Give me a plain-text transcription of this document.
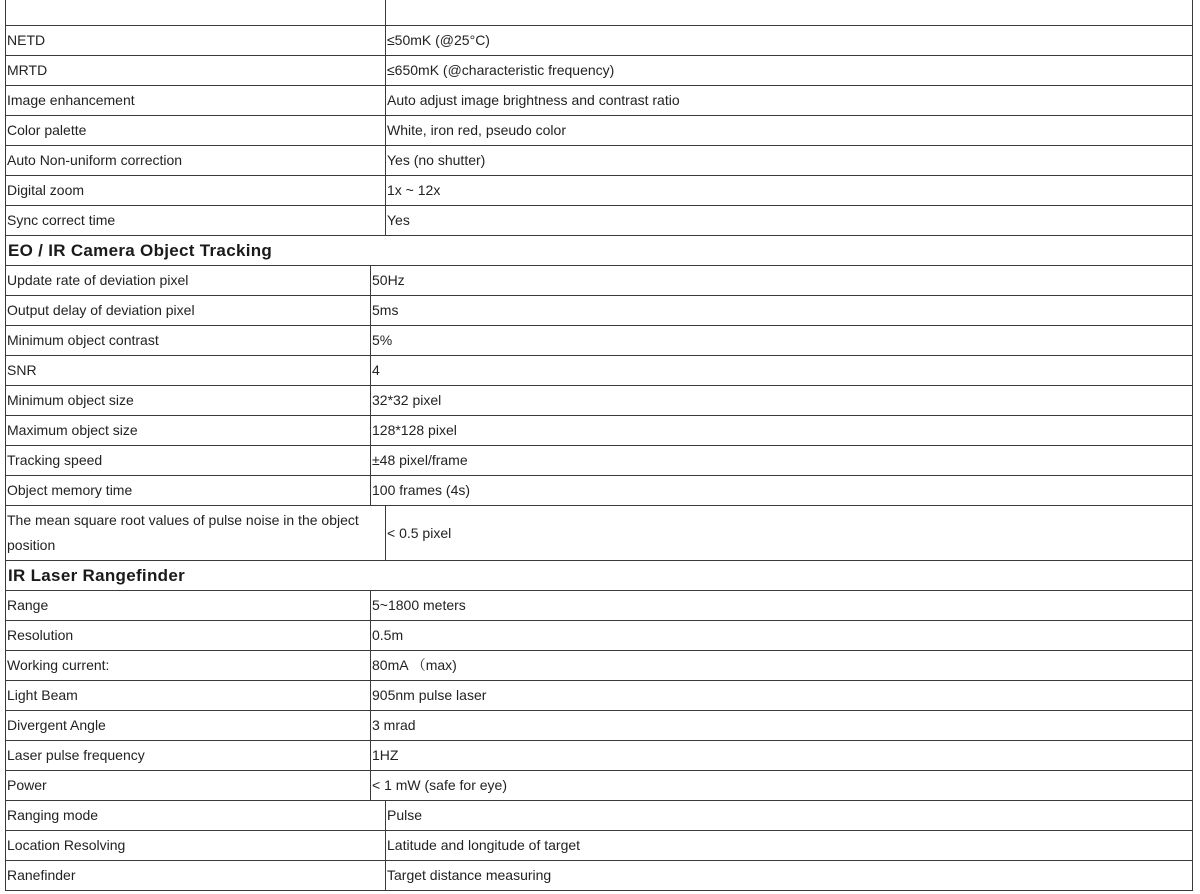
NETD		≤50mK (@25°C)
MRTD		≤650mK (@characteristic frequency)
Image enhancement		Auto adjust image brightness and contrast ratio
Color palette		White, iron red, pseudo color
Auto Non-uniform correction		Yes (no shutter)
Digital zoom		1x ~ 12x
Sync correct time		Yes
EO / IR Camera Object Tracking		
Update rate of deviation pixel	50Hz	
Output delay of deviation pixel	5ms	
Minimum object contrast	5%	
SNR	4	
Minimum object size	32*32 pixel	
Maximum object size	128*128 pixel	
Tracking speed	±48 pixel/frame	
Object memory time	100 frames (4s)	
The mean square root values of pulse noise in the object position		< 0.5 pixel
IR Laser Rangefinder		
Range	5~1800 meters	
Resolution	0.5m	
Working current:	80mA （max)	
Light Beam	905nm pulse laser	
Divergent Angle	3 mrad	
Laser pulse frequency	1HZ	
Power	< 1 mW (safe for eye)	
Ranging mode		Pulse
Location Resolving		Latitude and longitude of target
Ranefinder		Target distance measuring
